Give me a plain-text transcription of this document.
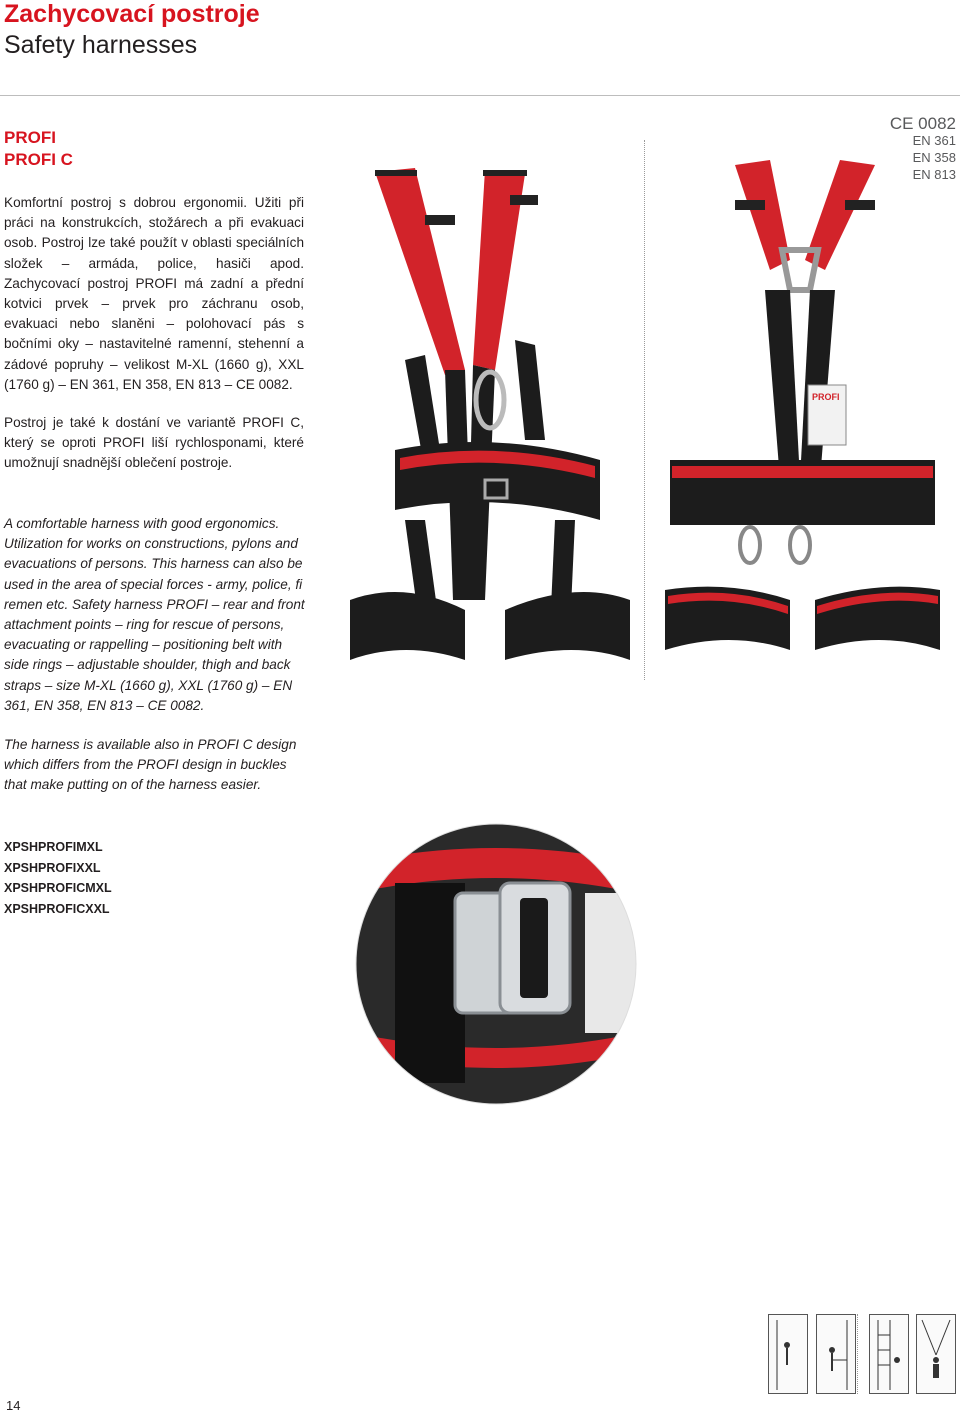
Zachycovací postroje
Safety harnesses
PROFI
PROFI C
Komfortní postroj s dobrou ergonomii. Užiti při práci na konstrukcích, stožárech a při evakuaci osob. Postroj lze také použít v oblasti speciálních složek – armáda, police, hasiči apod. Zachycovací postroj PROFI má zadní a přední kotvici prvek – prvek pro záchranu osob, evakuaci nebo slaněni – polohovací pás s bočními oky – nastavitelné ramenní, stehenní a zádové popruhy – velikost M-XL (1660 g), XXL (1760 g) – EN 361, EN 358, EN 813 – CE 0082.
Postroj je také k dostání ve variantě PROFI C, který se oproti PROFI liší rychlosponami, které umožnují snadnější oblečení postroje.
A comfortable harness with good ergonomics. Utilization for works on constructions, pylons and evacuations of persons. This harness can also be used in the area of special forces - army, police, fi remen etc. Safety harness PROFI – rear and front attachment points – ring for rescue of persons, evacuating or rappelling – positioning belt with side rings – adjustable shoulder, thigh and back straps – size M-XL (1660 g), XXL (1760 g) – EN 361, EN 358, EN 813 – CE 0082.
The harness is available also in PROFI C design which differs from the PROFI design in buckles that make putting on of the harness easier.
XPSHPROFIMXL
XPSHPROFIXXL
XPSHPROFICMXL
XPSHPROFICXXL
CE 0082
EN 361
EN 358
EN 813
PROFI
14
